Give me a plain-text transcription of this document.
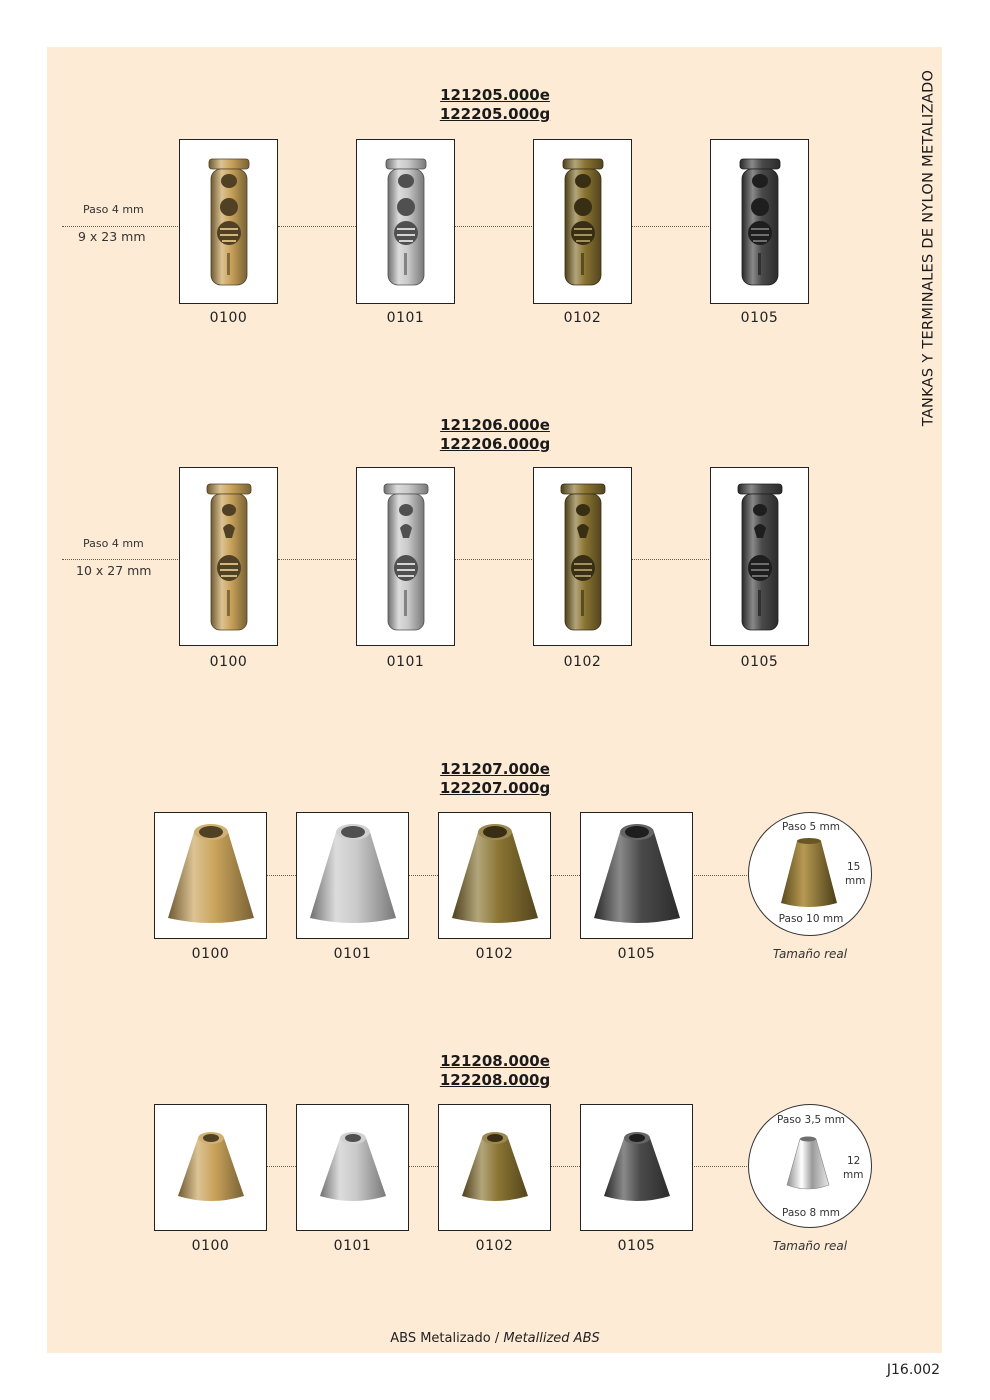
TANKAS Y TERMINALES DE NYLON METALIZADO
121205.000e
122205.000g
Paso 4 mm
9 x 23 mm
0100	0101	0102	0105
121206.000e
122206.000g
Paso 4 mm
10 x 27 mm
0100	0101	0102	0105
121207.000e
122207.000g
0100	0101	0102	0105
Paso 5 mm
15
mm
Paso 10 mm
Tamaño real
121208.000e
122208.000g
0100	0101	0102	0105
Paso 3,5 mm
12
mm
Paso 8 mm
Tamaño real
ABS Metalizado / Metallized ABS
J16.002
